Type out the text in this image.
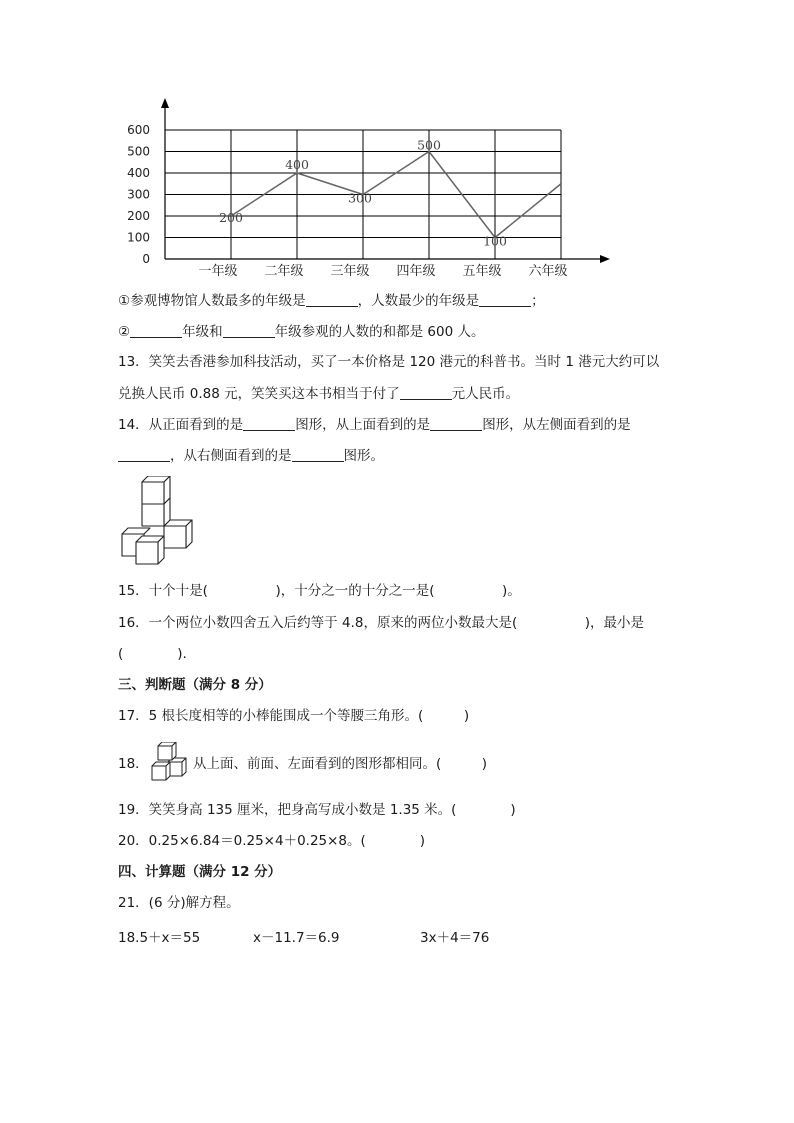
0
100
200
300
400
500
600
一年级 二年级 三年级 四年级 五年级 六年级
200
400
300
500
100
①参观博物馆人数最多的年级是	，人数最少的年级是	；
②	年级和	年级参观的人数的和都是 600 人。
13．笑笑去香港参加科技活动，买了一本价格是 120 港元的科普书。当时 1 港元大约可以
兑换人民币 0.88 元，笑笑买这本书相当于付了	元人民币。
14．从正面看到的是	图形，从上面看到的是	图形，从左侧面看到的是
，从右侧面看到的是	图形。
15．十个十是(　　　　　)，十分之一的十分之一是(　　　　　)。
16．一个两位小数四舍五入后约等于 4.8，原来的两位小数最大是(　　　　　)，最小是
(　　　　).
三、判断题（满分 8 分）
17．5 根长度相等的小棒能围成一个等腰三角形。(　　　)
18．	从上面、前面、左面看到的图形都相同。(　　　)
19．笑笑身高 135 厘米，把身高写成小数是 1.35 米。(　　　　)
20．0.25×6.84＝0.25×4＋0.25×8。(　　　　)
四、计算题（满分 12 分）
21．(6 分)解方程。
18.5＋x＝55	x－11.7＝6.9	3x＋4＝76
